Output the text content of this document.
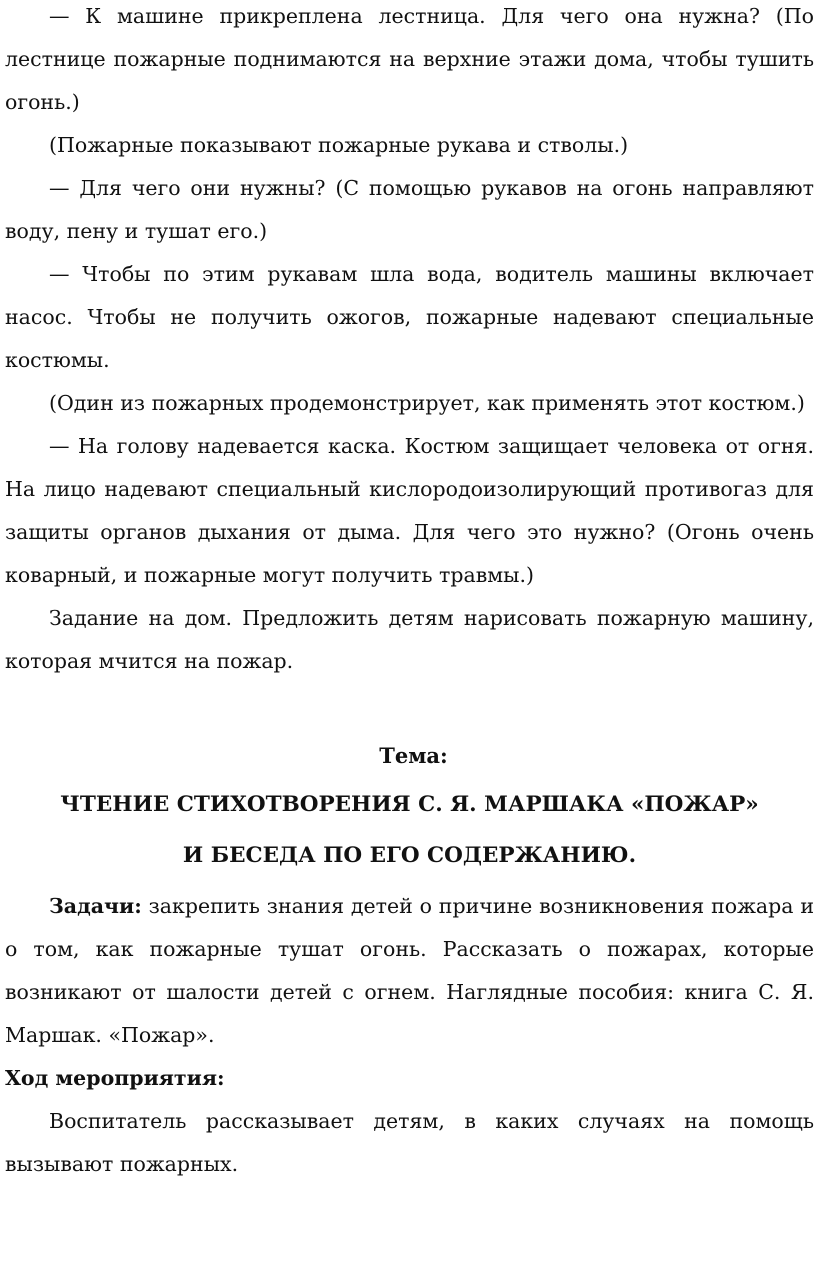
— К машине прикреплена лестница. Для чего она нужна? (По лестнице пожарные поднимаются на верхние этажи дома, чтобы тушить огонь.)

(Пожарные показывают пожарные рукава и стволы.)

— Для чего они нужны? (С помощью рукавов на огонь направляют воду, пену и тушат его.)

— Чтобы по этим рукавам шла вода, водитель машины включает насос. Чтобы не получить ожогов, пожарные надевают специальные костюмы.

(Один из пожарных продемонстрирует, как применять этот костюм.)

— На голову надевается каска. Костюм защищает человека от огня. На лицо надевают специальный кислородоизолирующий противогаз для защиты органов дыхания от дыма. Для чего это нужно? (Огонь очень коварный, и пожарные могут получить травмы.)

Задание на дом. Предложить детям нарисовать пожарную машину, которая мчится на пожар.

Тема:

ЧТЕНИЕ СТИХОТВОРЕНИЯ С. Я. МАРШАКА «ПОЖАР»

И БЕСЕДА ПО ЕГО СОДЕРЖАНИЮ.

Задачи: закрепить знания детей о причине возникновения пожара и о том, как пожарные тушат огонь. Рассказать о пожарах, которые возникают от шалости детей с огнем. Наглядные пособия: книга С. Я. Маршак. «Пожар».

Ход мероприятия:

Воспитатель рассказывает детям, в каких случаях на помощь вызывают пожарных.
